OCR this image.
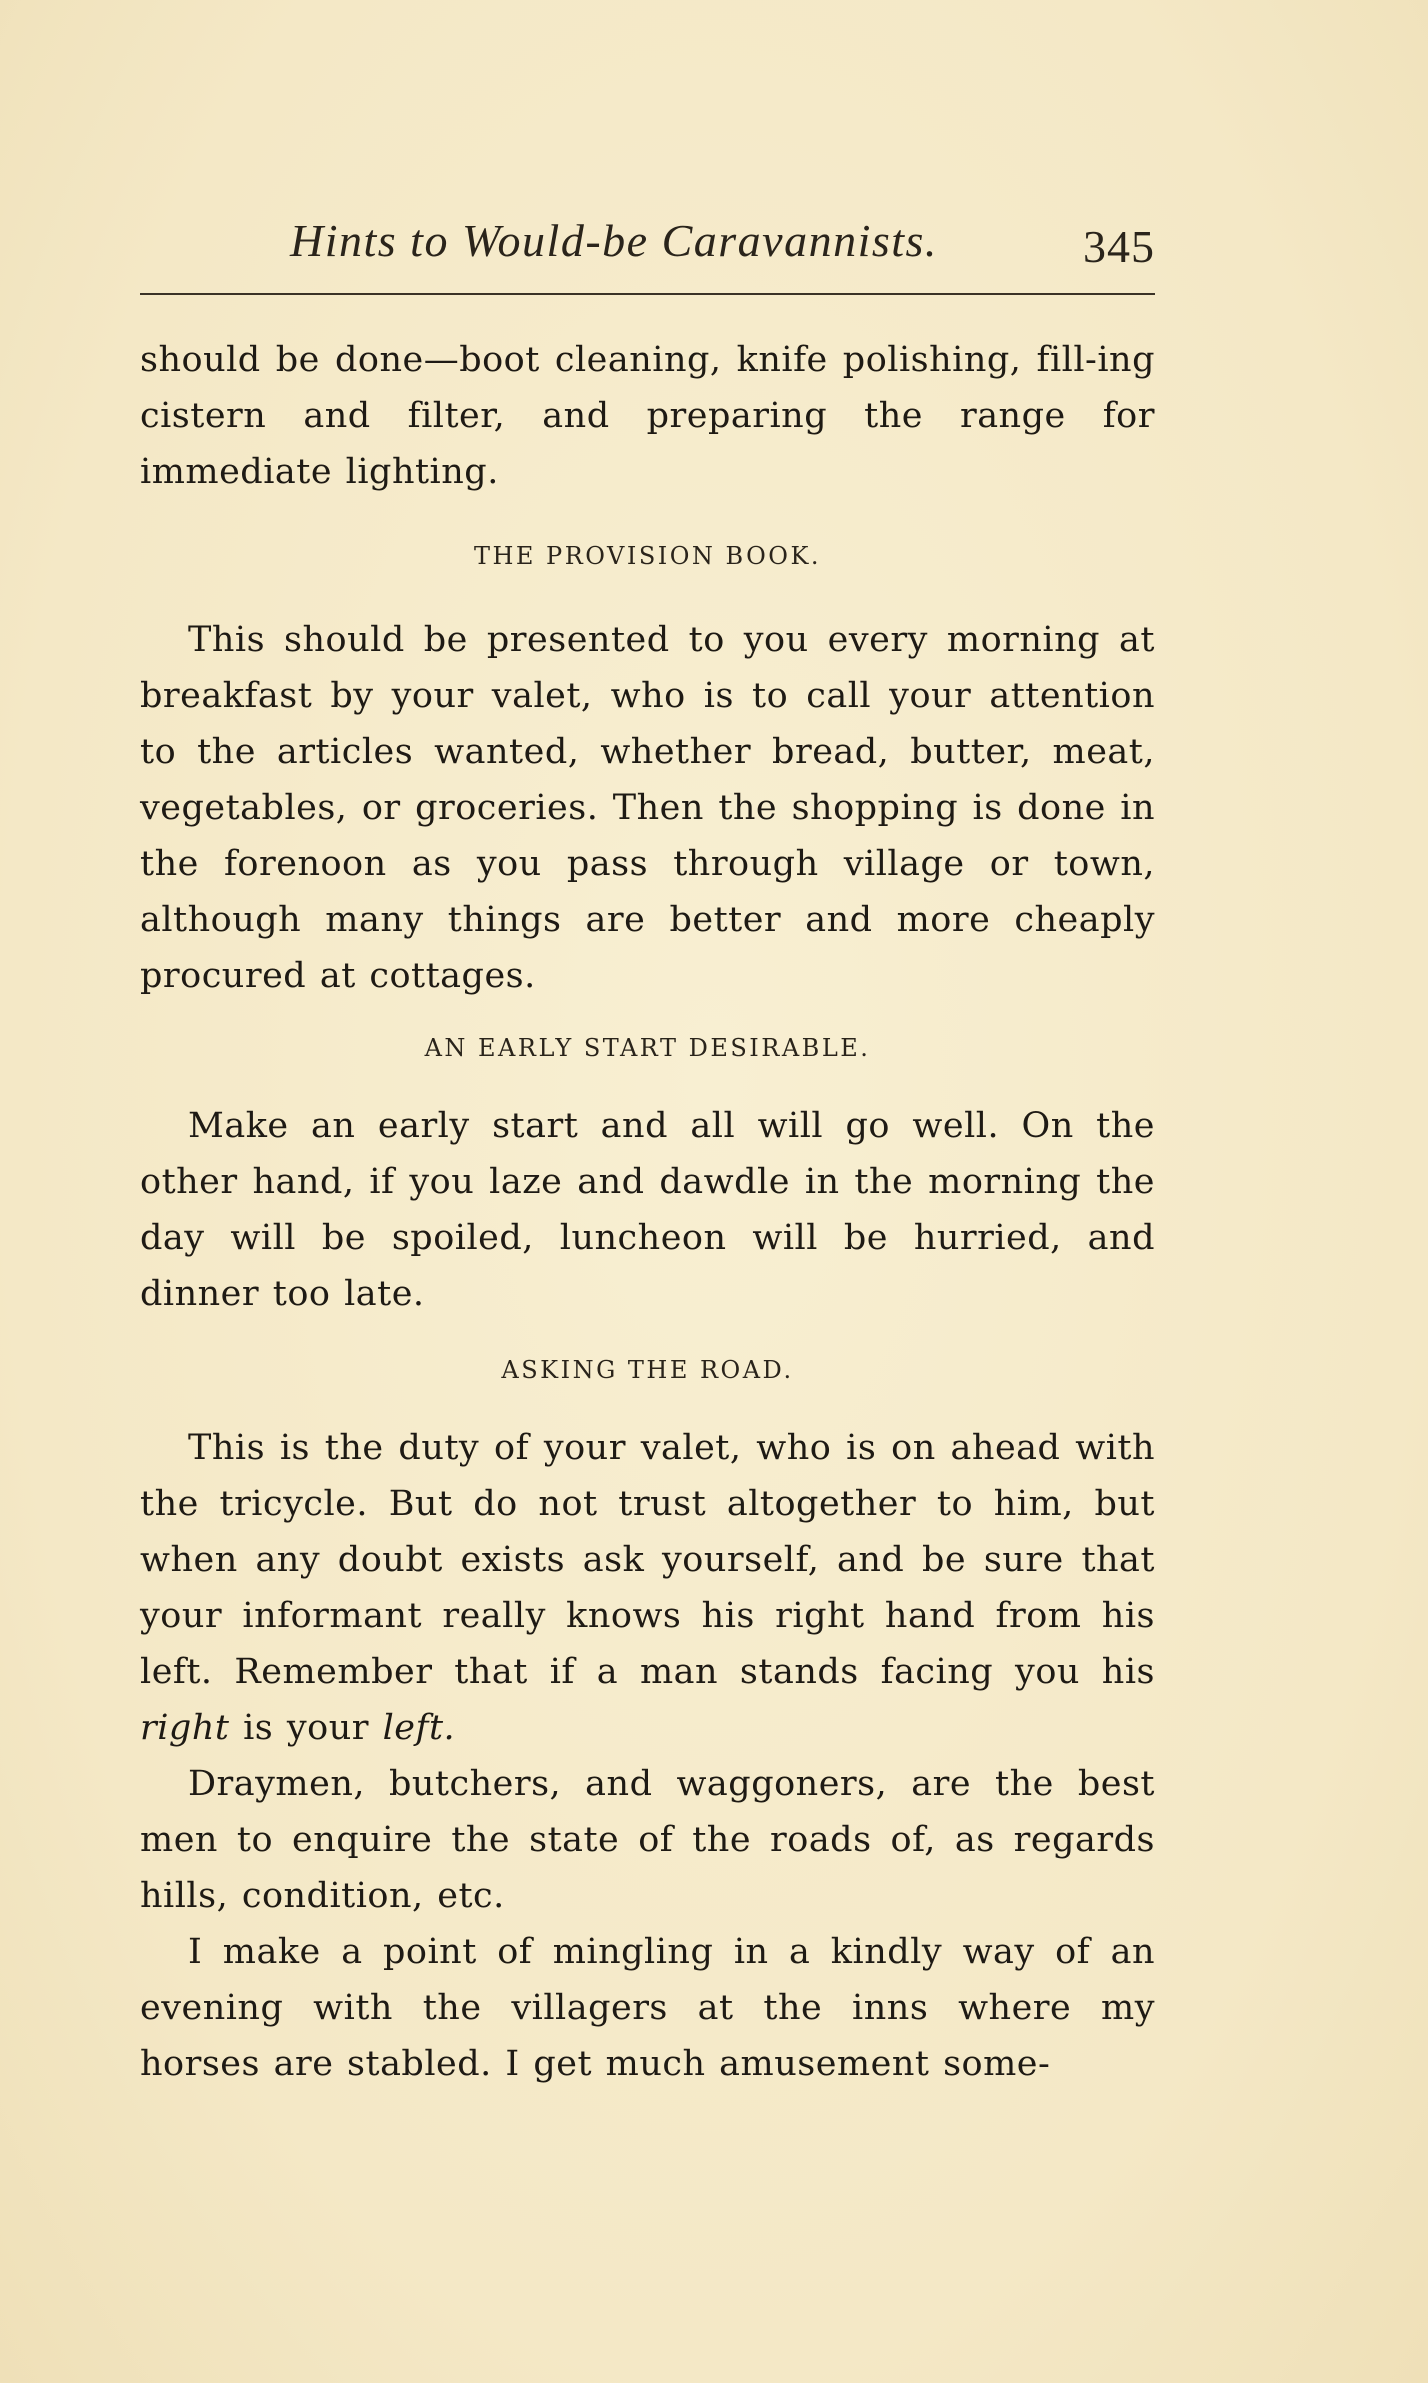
Hints to Would-be Caravannists.	345

should be done—boot cleaning, knife polishing, fill-ing cistern and filter, and preparing the range for immediate lighting.

THE PROVISION BOOK.

This should be presented to you every morning at breakfast by your valet, who is to call your attention to the articles wanted, whether bread, butter, meat, vegetables, or groceries. Then the shopping is done in the forenoon as you pass through village or town, although many things are better and more cheaply procured at cottages.

AN EARLY START DESIRABLE.

Make an early start and all will go well. On the other hand, if you laze and dawdle in the morning the day will be spoiled, luncheon will be hurried, and dinner too late.

ASKING THE ROAD.

This is the duty of your valet, who is on ahead with the tricycle. But do not trust altogether to him, but when any doubt exists ask yourself, and be sure that your informant really knows his right hand from his left. Remember that if a man stands facing you his right is your left.

Draymen, butchers, and waggoners, are the best men to enquire the state of the roads of, as regards hills, condition, etc.

I make a point of mingling in a kindly way of an evening with the villagers at the inns where my horses are stabled. I get much amusement some-
